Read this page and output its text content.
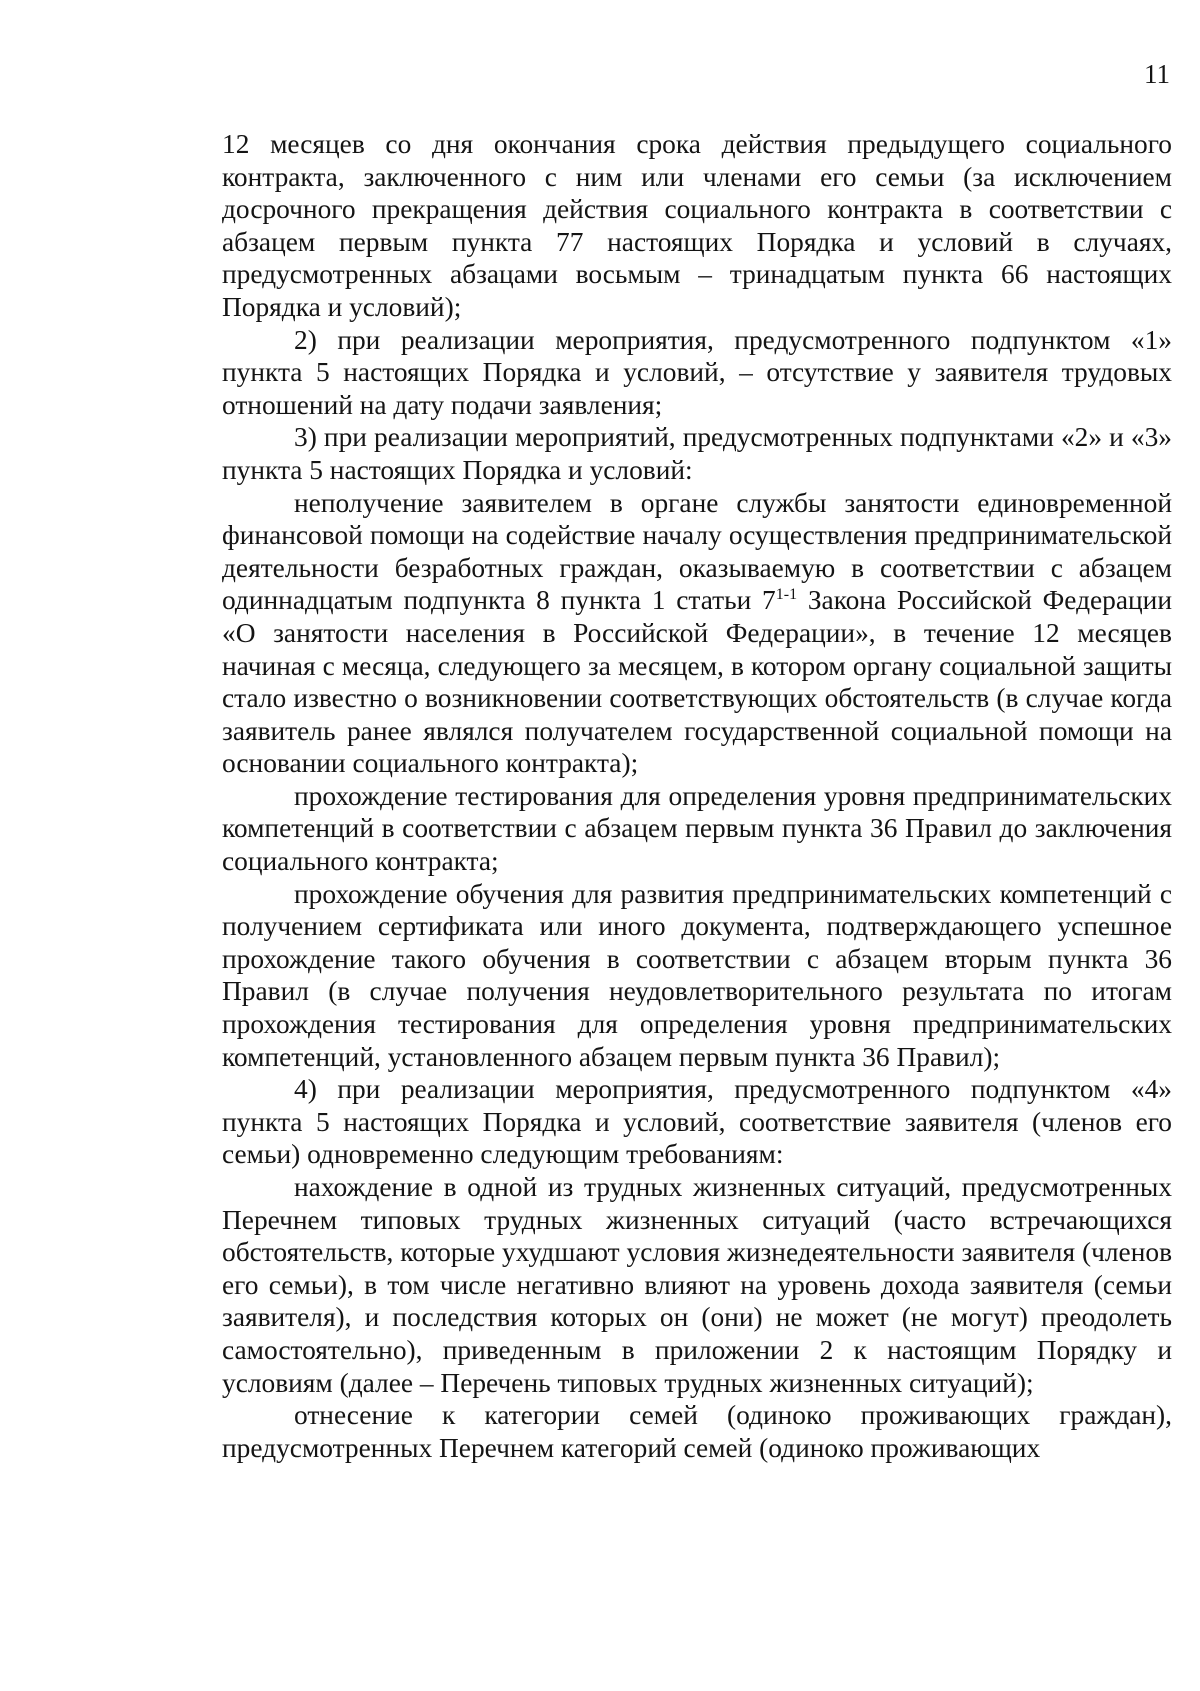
11

12 месяцев со дня окончания срока действия предыдущего социального контракта, заключенного с ним или членами его семьи (за исключением досрочного прекращения действия социального контракта в соответствии с абзацем первым пункта 77 настоящих Порядка и условий в случаях, предусмотренных абзацами восьмым – тринадцатым пункта 66 настоящих Порядка и условий);

2) при реализации мероприятия, предусмотренного подпунктом «1» пункта 5 настоящих Порядка и условий, – отсутствие у заявителя трудовых отношений на дату подачи заявления;

3) при реализации мероприятий, предусмотренных подпунктами «2» и «3» пункта 5 настоящих Порядка и условий:

неполучение заявителем в органе службы занятости единовременной финансовой помощи на содействие началу осуществления предпринимательской деятельности безработных граждан, оказываемую в соответствии с абзацем одиннадцатым подпункта 8 пункта 1 статьи 7$^{1-1}$ Закона Российской Федерации «О занятости населения в Российской Федерации», в течение 12 месяцев начиная с месяца, следующего за месяцем, в котором органу социальной защиты стало известно о возникновении соответствующих обстоятельств (в случае когда заявитель ранее являлся получателем государственной социальной помощи на основании социального контракта);

прохождение тестирования для определения уровня предпринимательских компетенций в соответствии с абзацем первым пункта 36 Правил до заключения социального контракта;

прохождение обучения для развития предпринимательских компетенций с получением сертификата или иного документа, подтверждающего успешное прохождение такого обучения в соответствии с абзацем вторым пункта 36 Правил (в случае получения неудовлетворительного результата по итогам прохождения тестирования для определения уровня предпринимательских компетенций, установленного абзацем первым пункта 36 Правил);

4) при реализации мероприятия, предусмотренного подпунктом «4» пункта 5 настоящих Порядка и условий, соответствие заявителя (членов его семьи) одновременно следующим требованиям:

нахождение в одной из трудных жизненных ситуаций, предусмотренных Перечнем типовых трудных жизненных ситуаций (часто встречающихся обстоятельств, которые ухудшают условия жизнедеятельности заявителя (членов его семьи), в том числе негативно влияют на уровень дохода заявителя (семьи заявителя), и последствия которых он (они) не может (не могут) преодолеть самостоятельно), приведенным в приложении 2 к настоящим Порядку и условиям (далее – Перечень типовых трудных жизненных ситуаций);

отнесение к категории семей (одиноко проживающих граждан), предусмотренных Перечнем категорий семей (одиноко проживающих
